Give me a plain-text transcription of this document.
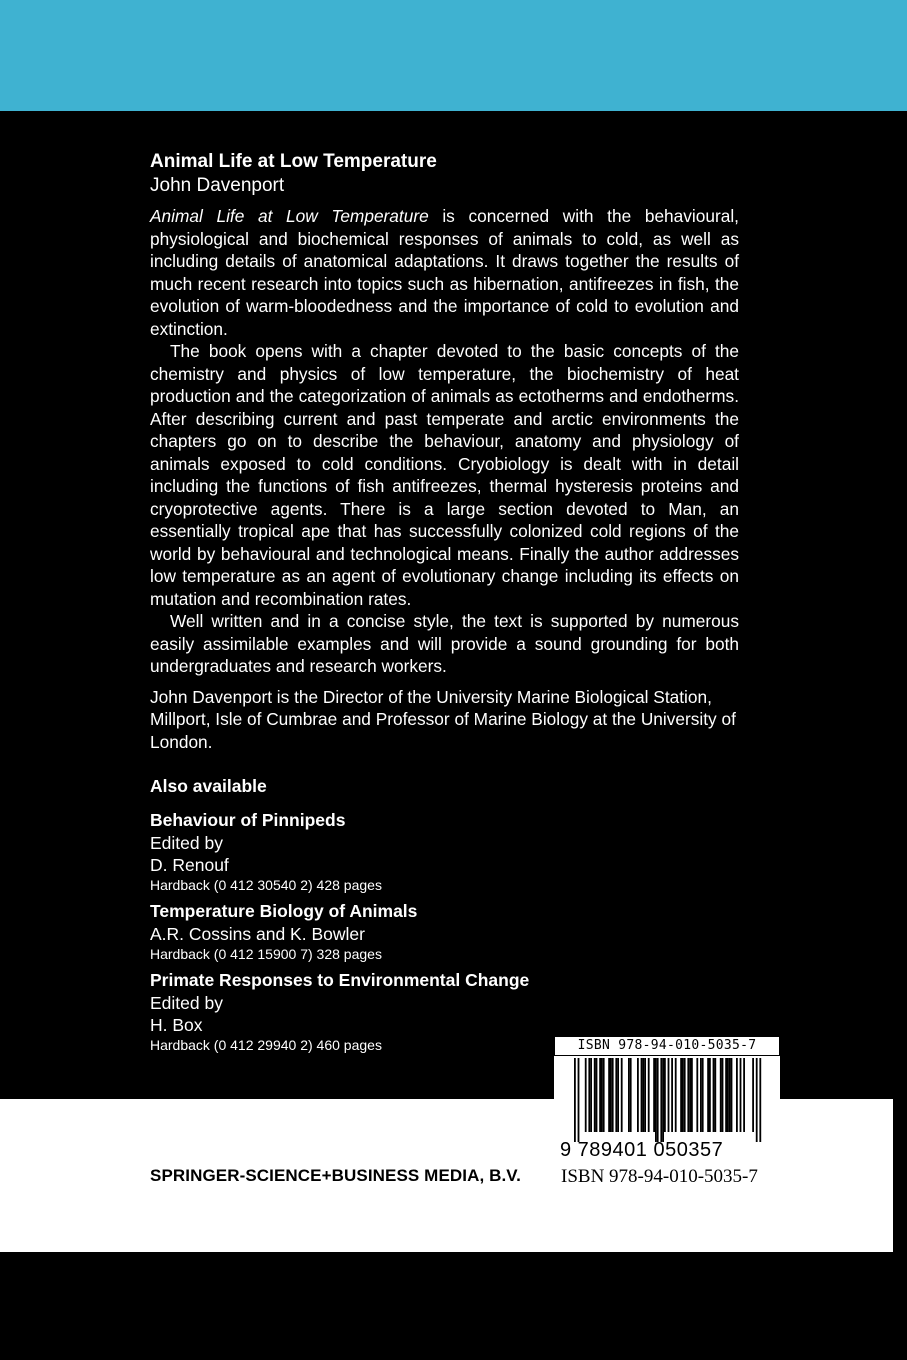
Animal Life at Low Temperature
John Davenport

Animal Life at Low Temperature is concerned with the behavioural, physiological and biochemical responses of animals to cold, as well as including details of anatomical adaptations. It draws together the results of much recent research into topics such as hibernation, antifreezes in fish, the evolution of warm-bloodedness and the importance of cold to evolution and extinction.

The book opens with a chapter devoted to the basic concepts of the chemistry and physics of low temperature, the biochemistry of heat production and the categorization of animals as ectotherms and endotherms. After describing current and past temperate and arctic environments the chapters go on to describe the behaviour, anatomy and physiology of animals exposed to cold conditions. Cryobiology is dealt with in detail including the functions of fish antifreezes, thermal hysteresis proteins and cryoprotective agents. There is a large section devoted to Man, an essentially tropical ape that has successfully colonized cold regions of the world by behavioural and technological means. Finally the author addresses low temperature as an agent of evolutionary change including its effects on mutation and recombination rates.

Well written and in a concise style, the text is supported by numerous easily assimilable examples and will provide a sound grounding for both undergraduates and research workers.

John Davenport is the Director of the University Marine Biological Station, Millport, Isle of Cumbrae and Professor of Marine Biology at the University of London.

Also available
Behaviour of Pinnipeds
Edited by
D. Renouf
Hardback (0 412 30540 2) 428 pages
Temperature Biology of Animals
A.R. Cossins and K. Bowler
Hardback (0 412 15900 7) 328 pages
Primate Responses to Environmental Change
Edited by
H. Box
Hardback (0 412 29940 2) 460 pages	ISBN 978-94-010-5035-7
9 789401 050357
SPRINGER-SCIENCE+BUSINESS MEDIA, B.V. ISBN 978-94-010-5035-7
